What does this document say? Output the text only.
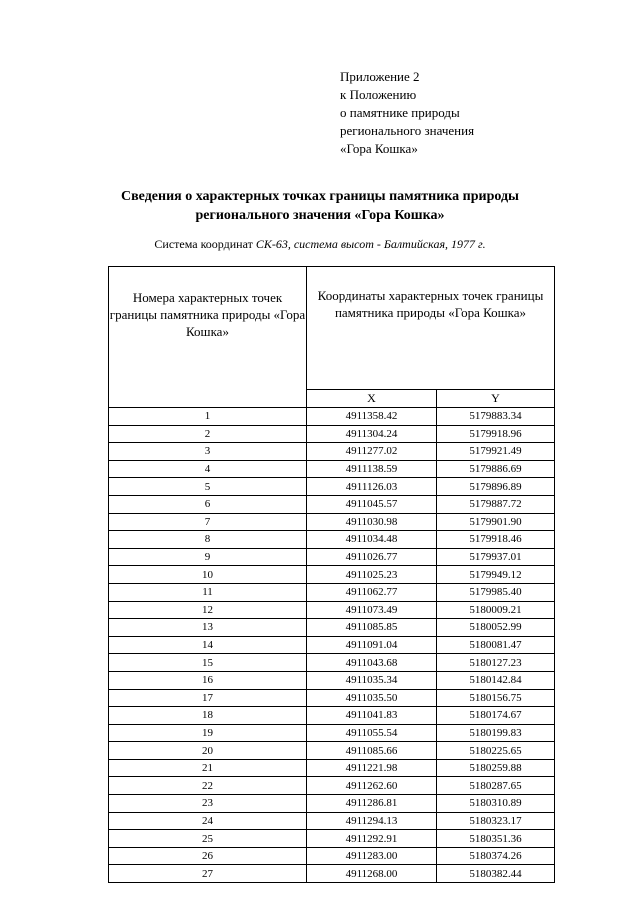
Приложение 2
к Положению
о памятнике природы
регионального значения
«Гора Кошка»
Сведения о характерных точках границы памятника природы
регионального значения «Гора Кошка»
Система координат СК-63, система высот - Балтийская, 1977 г.
Номера характерных точек границы памятника природы «Гора Кошка»	Координаты характерных точек границы памятника природы «Гора Кошка»	
	X	Y
1	4911358.42	5179883.34
2	4911304.24	5179918.96
3	4911277.02	5179921.49
4	4911138.59	5179886.69
5	4911126.03	5179896.89
6	4911045.57	5179887.72
7	4911030.98	5179901.90
8	4911034.48	5179918.46
9	4911026.77	5179937.01
10	4911025.23	5179949.12
11	4911062.77	5179985.40
12	4911073.49	5180009.21
13	4911085.85	5180052.99
14	4911091.04	5180081.47
15	4911043.68	5180127.23
16	4911035.34	5180142.84
17	4911035.50	5180156.75
18	4911041.83	5180174.67
19	4911055.54	5180199.83
20	4911085.66	5180225.65
21	4911221.98	5180259.88
22	4911262.60	5180287.65
23	4911286.81	5180310.89
24	4911294.13	5180323.17
25	4911292.91	5180351.36
26	4911283.00	5180374.26
27	4911268.00	5180382.44
